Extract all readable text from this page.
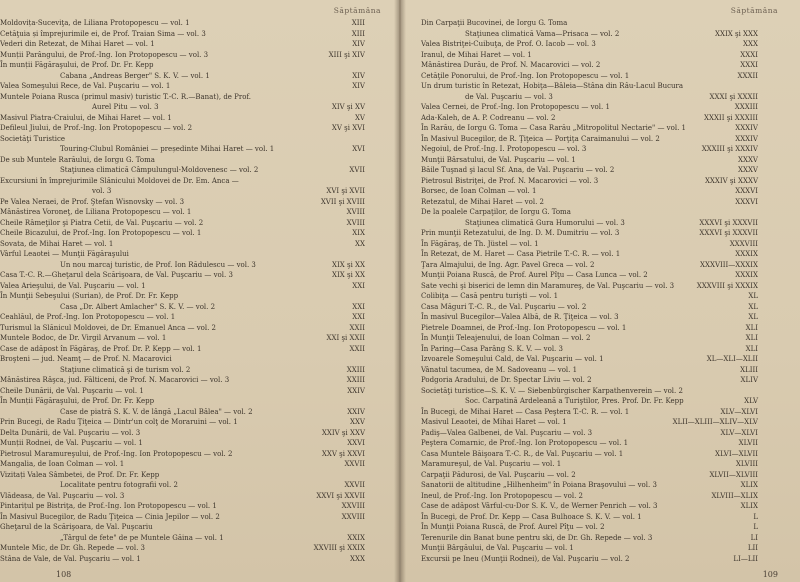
Săptămâna
Moldovița-Suceviţa, de Liliana Protopopescu — vol. 1	XIII
Cetăţuia și împrejurimile ei, de Prof. Traian Sima — vol. 3	XIII
Vederi din Retezat, de Mihai Haret — vol. 1	XIV
Munții Parângului, de Prof.-Ing. Ion Protopopescu — vol. 3	XIII şi XIV
În munții Făgăraşului, de Prof. Dr. Fr. Kepp
Cabana „Andreas Berger" S. K. V. — vol. 1	XIV
Valea Someşului Rece, de Val. Puşcariu — vol. 1	XIV
Muntele Poiana Rusca (primul masiv) turistic T.-C. R.—Banat), de Prof.
Aurel Pitu — vol. 3	XIV şi XV
Masivul Piatra-Craiului, de Mihai Haret — vol. 1	XV
Defileul Jiului, de Prof.-Ing. Ion Protopopescu — vol. 2	XV şi XVI
Societăţi Turistice
Touring-Clubul României — președinte Mihai Haret — vol. 1	XVI
De sub Muntele Rarăului, de Iorgu G. Toma
Staţiunea climatică Câmpulungul-Moldovenesc — vol. 2	XVII
Excursiuni în împrejurimile Slănicului Moldovei de Dr. Em. Anca —
vol. 3	XVI şi XVII
Pe Valea Neraei, de Prof. Ştefan Wisnovsky — vol. 3	XVII şi XVIII
Mânăstirea Voroneţ, de Liliana Protopopescu — vol. 1	XVIII
Cheile Râmeţilor şi Piatra Cetii, de Val. Puşcariu — vol. 2	XVIII
Cheile Bicazului, de Prof.-Ing. Ion Protopopescu — vol. 1	XIX
Sovata, de Mihai Haret — vol. 1	XX
Vârful Leaotei — Munţii Făgăraşului
Un nou marcaj turistic, de Prof. Ion Rădulescu — vol. 3	XIX şi XX
Casa T.-C. R.—Gheţarul dela Scărişoara, de Val. Puşcariu — vol. 3	XIX şi XX
Valea Arieşului, de Val. Puşcariu — vol. 1	XXI
În Munţii Sebeşului (Surian), de Prof. Dr. Fr. Kepp
Casa „Dr. Albert Amlacher" S. K. V. — vol. 2	XXI
Ceahlăul, de Prof.-Ing. Ion Protopopescu — vol. 1	XXI
Turismul la Slănicul Moldovei, de Dr. Emanuel Anca — vol. 2	XXII
Muntele Bodoc, de Dr. Virgil Arvanum — vol. 1	XXI şi XXII
Case de adăpost în Făgăraş, de Prof. Dr. P. Kepp — vol. 1	XXII
Broşteni — jud. Neamţ — de Prof. N. Macarovici
Staţiune climatică şi de turism vol. 2	XXIII
Mânăstirea Râşca, jud. Fălticeni, de Prof. N. Macarovici — vol. 3	XXIII
Cheile Dunării, de Val. Puşcariu — vol. 1	XXIV
În Munții Făgăraşului, de Prof. Dr. Fr. Kepp
Case de piatră S. K. V. de lângă „Lacul Bâlea" — vol. 2	XXIV
Prin Bucegi, de Radu Ţiţeica — Dintr'un colţ de Moraruini — vol. 1	XXV
Delta Dunării, de Val. Puşcariu — vol. 3	XXIV şi XXV
Munții Rodnei, de Val. Puşcariu — vol. 1	XXVI
Pietrosul Maramureşului, de Prof.-Ing. Ion Protopopescu — vol. 2	XXV şi XXVI
Mangalia, de Ioan Colman — vol. 1	XXVII
Vizitați Valea Sâmbetei, de Prof. Dr. Fr. Kepp
Localitate pentru fotografii vol. 2	XXVII
Vlădeasa, de Val. Puşcariu — vol. 3	XXVI şi XXVII
Pintarițul pe Bistriţa, de Prof.-Ing. Ion Protopopescu — vol. 1	XXVIII
În Masivul Bucegilor, de Radu Ţiţeica — Cinia Jepilor — vol. 2	XXVIII
Gheţarul de la Scărişoara, de Val. Puşcariu
„Târgul de fete" de pe Muntele Găina — vol. 1	XXIX
Muntele Mic, de Dr. Gh. Repede — vol. 3	XXVIII şi XXIX
Stâna de Vale, de Val. Puşcariu — vol. 1	XXX
108
Săptămâna
Din Carpaţii Bucovinei, de Iorgu G. Toma
Staţiunea climatică Vama—Prisaca — vol. 2	XXIX şi XXX
Valea Bistriţei-Cuibuţa, de Prof. O. Iacob — vol. 3	XXX
Iranul, de Mihai Haret — vol. 1	XXXI
Mânăstirea Durău, de Prof. N. Macarovici — vol. 2	XXXI
Cetăţile Ponorului, de Prof.-Ing. Ion Protopopescu — vol. 1	XXXII
Un drum turistic în Retezat, Hobiţa—Bâleia—Stâna din Râu-Lacul Bucura
de Val. Puşcariu — vol. 3	XXXI şi XXXII
Valea Cernei, de Prof.-Ing. Ion Protopopescu — vol. 1	XXXIII
Ada-Kaleh, de A. P. Codreanu — vol. 2	XXXII şi XXXIII
În Rarău, de Iorgu G. Toma — Casa Rarău „Mitropolitul Nectarie" — vol. 1	XXXIV
În Masivul Bucegilor, de R. Ţiţeica — Porţiţa Caraimanului — vol. 2	XXXIV
Negoiul, de Prof.-Ing. I. Protopopescu — vol. 3	XXXIII şi XXXIV
Munţii Bârsatului, de Val. Puşcariu — vol. 1	XXXV
Băile Tuşnad şi lacul Sf. Ana, de Val. Puşcariu — vol. 2	XXXV
Pietrosul Bistriţei, de Prof. N. Macarovici — vol. 3	XXXIV şi XXXV
Borsec, de Ioan Colman — vol. 1	XXXVI
Retezatul, de Mihai Haret — vol. 2	XXXVI
De la poalele Carpaţilor, de Iorgu G. Toma
Staţiunea climatică Gura Humorului — vol. 3	XXXVI şi XXXVII
Prin munţii Retezatului, de Ing. D. M. Dumitriu — vol. 3	XXXVI şi XXXVII
În Făgăraş, de Th. Jüstel — vol. 1	XXXVIII
În Retezat, de M. Haret — Casa Pietrile T.-C. R. — vol. 1	XXXIX
Ţara Almajului, de Ing. Agr. Pavel Greca — vol. 2	XXXVIII—XXXIX
Munţii Poiana Ruscă, de Prof. Aurel Pîţu — Casa Lunca — vol. 2	XXXIX
Sate vechi şi biserici de lemn din Maramureş, de Val. Puşcariu — vol. 3	XXXVIII şi XXXIX
Colibiţa — Casă pentru turişti — vol. 1	XL
Casa Măguri T.-C. R., de Val. Puşcariu — vol. 2	XL
În masivul Bucegilor—Valea Albă, de R. Ţiţeica — vol. 3	XL
Pietrele Doamnei, de Prof.-Ing. Ion Protopopescu — vol. 1	XLI
În Munţii Teleajenului, de Ioan Colman — vol. 2	XLI
În Paring—Casa Parâng S. K. V. — vol. 3	XLI
Izvoarele Someşului Cald, de Val. Puşcariu — vol. 1	XL—XLI—XLII
Vânatul tacumea, de M. Sadoveanu — vol. 1	XLIII
Podgoria Aradului, de Dr. Spectar Liviu — vol. 2	XLIV
Societăţi turistice—S. K. V. — Siebenbürgischer Karpathenverein — vol. 2
Soc. Carpatină Ardeleană a Turiştilor, Pres. Prof. Dr. Fr. Kepp	XLV
În Bucegi, de Mihai Haret — Casa Peştera T.-C. R. — vol. 1	XLV—XLVI
Masivul Leaotei, de Mihai Haret — vol. 1	XLII—XLIII—XLIV—XLV
Padiş—Valea Galbenei, de Val. Puşcariu — vol. 3	XLV—XLVI
Peştera Comarnic, de Prof.-Ing. Ion Protopopescu — vol. 1	XLVII
Casa Muntele Băişoara T.-C. R., de Val. Puşcariu — vol. 1	XLVI—XLVII
Maramureşul, de Val. Puşcariu — vol. 1	XLVIII
Carpaţii Pădurosi, de Val. Puşcariu — vol. 2	XLVII—XLVIII
Sanatorii de altitudine „Hilhenheim" în Poiana Braşovului — vol. 3	XLIX
Ineul, de Prof.-Ing. Ion Protopopescu — vol. 2	XLVIII—XLIX
Case de adăpost Vârful-cu-Dor S. K. V., de Werner Penrich — vol. 3	XLIX
În Bucegi, de Prof. Dr. Kepp — Casa Bulhoace S. K. V. — vol. 1	L
În Munţii Poiana Ruscă, de Prof. Aurel Pîţu — vol. 2	L
Terenurile din Banat bune pentru ski, de Dr. Gh. Repede — vol. 3	LI
Munţii Bârgăului, de Val. Puşcariu — vol. 1	LII
Excursii pe Ineu (Munţii Rodnei), de Val. Puşcariu — vol. 2	LI—LII
109
